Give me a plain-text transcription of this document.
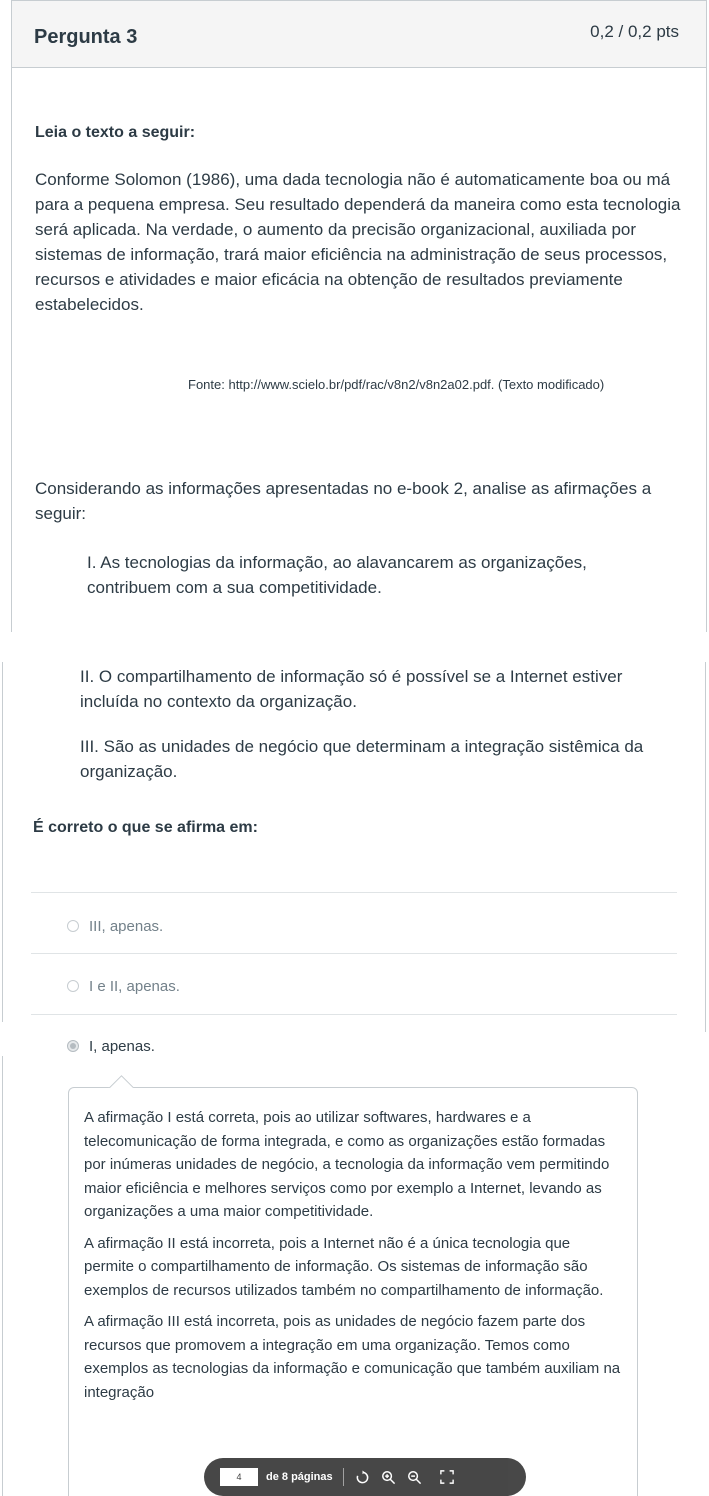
Pergunta 3	0,2 / 0,2 pts
Leia o texto a seguir:

Conforme Solomon (1986), uma dada tecnologia não é automaticamente boa ou má para a pequena empresa. Seu resultado dependerá da maneira como esta tecnologia será aplicada. Na verdade, o aumento da precisão organizacional, auxiliada por sistemas de informação, trará maior eficiência na administração de seus processos, recursos e atividades e maior eficácia na obtenção de resultados previamente estabelecidos.

Fonte: http://www.scielo.br/pdf/rac/v8n2/v8n2a02.pdf. (Texto modificado)

Considerando as informações apresentadas no e-book 2, analise as afirmações a seguir:

I. As tecnologias da informação, ao alavancarem as organizações, contribuem com a sua competitividade.

II. O compartilhamento de informação só é possível se a Internet estiver incluída no contexto da organização.

III. São as unidades de negócio que determinam a integração sistêmica da organização.

É correto o que se afirma em:
III, apenas.
I e II, apenas.
I, apenas.

A afirmação I está correta, pois ao utilizar softwares, hardwares e a telecomunicação de forma integrada, e como as organizações estão formadas por inúmeras unidades de negócio, a tecnologia da informação vem permitindo maior eficiência e melhores serviços como por exemplo a Internet, levando as organizações a uma maior competitividade.
A afirmação II está incorreta, pois a Internet não é a única tecnologia que permite o compartilhamento de informação. Os sistemas de informação são exemplos de recursos utilizados também no compartilhamento de informação.
A afirmação III está incorreta, pois as unidades de negócio fazem parte dos recursos que promovem a integração em uma organização. Temos como exemplos as tecnologias da informação e comunicação que também auxiliam na integração

4
de 8 páginas
